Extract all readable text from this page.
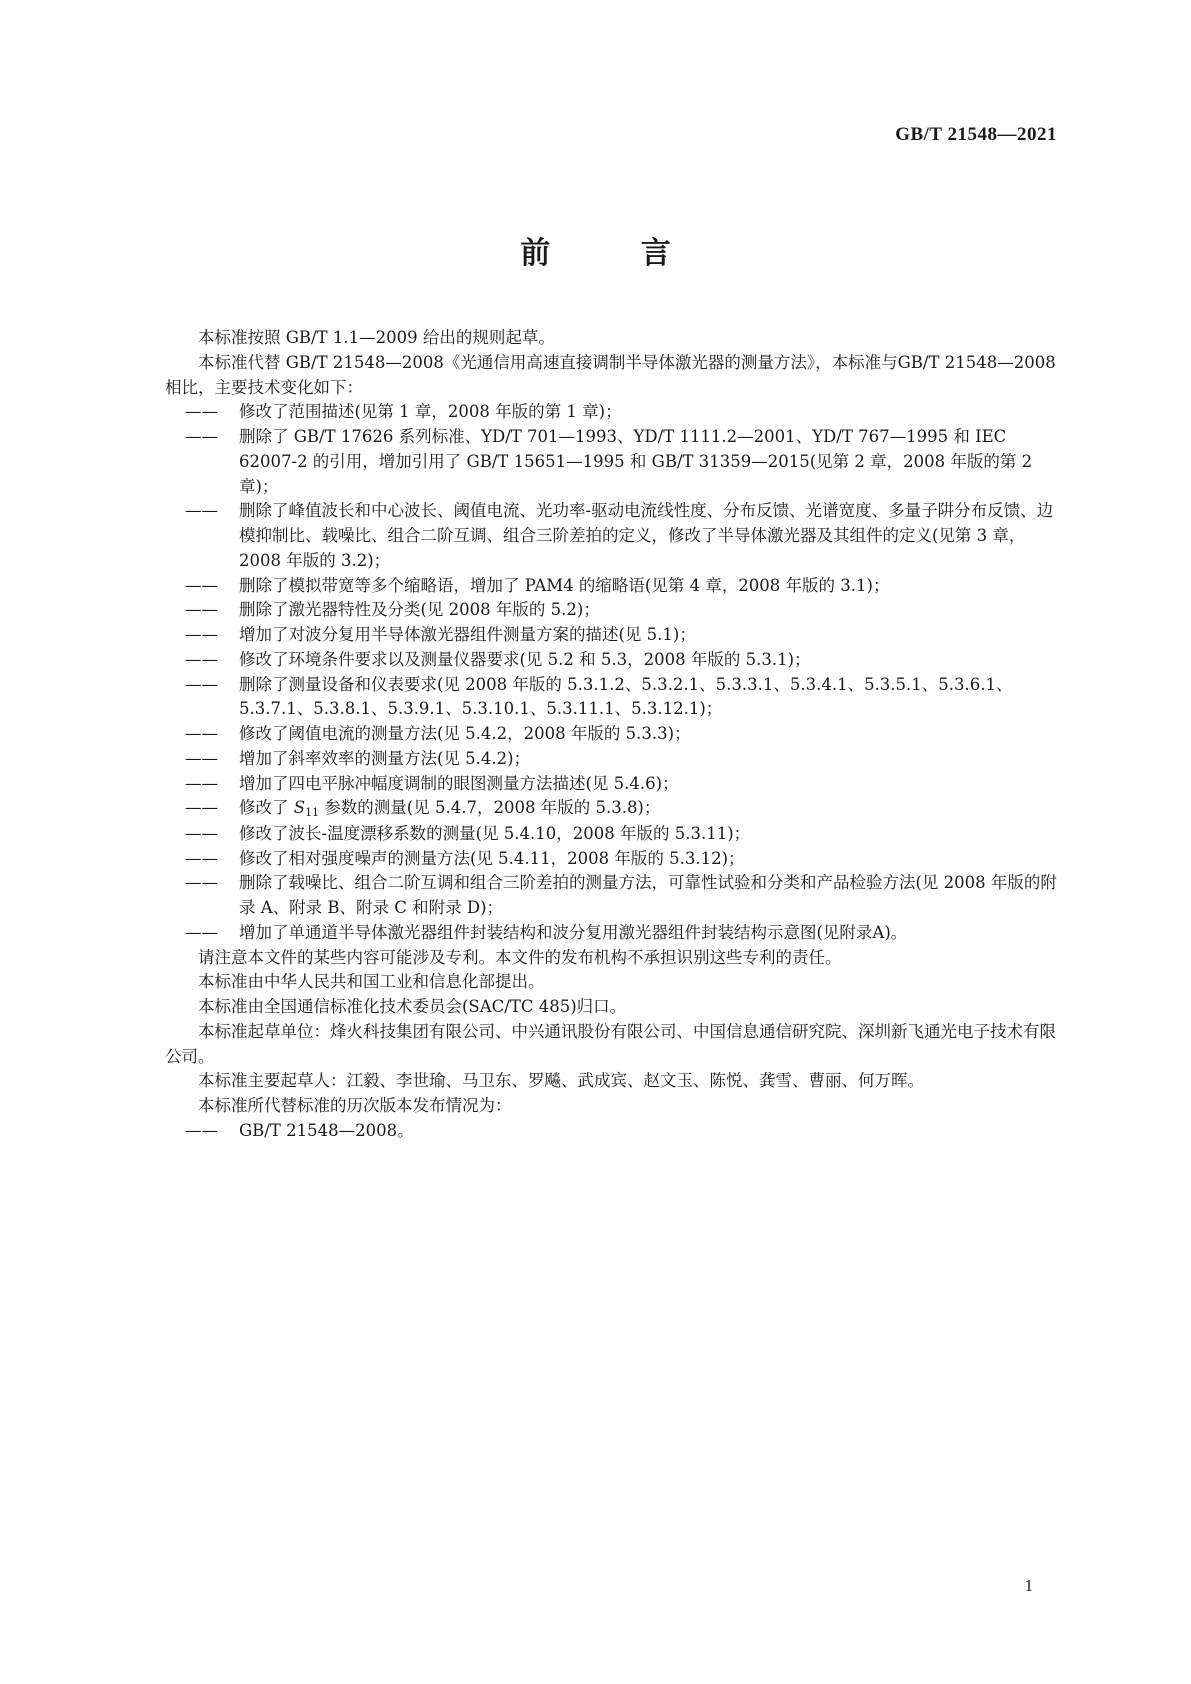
GB/T 21548—2021
前 言

本标准按照 GB/T 1.1—2009 给出的规则起草。

本标准代替 GB/T 21548—2008《光通信用高速直接调制半导体激光器的测量方法》，本标准与GB/T 21548—2008 相比，主要技术变化如下：

—— 修改了范围描述(见第 1 章，2008 年版的第 1 章)；

—— 删除了 GB/T 17626 系列标准、YD/T 701—1993、YD/T 1111.2—2001、YD/T 767—1995 和 IEC 62007-2 的引用，增加引用了 GB/T 15651—1995 和 GB/T 31359—2015(见第 2 章，2008 年版的第 2 章)；

—— 删除了峰值波长和中心波长、阈值电流、光功率-驱动电流线性度、分布反馈、光谱宽度、多量子阱分布反馈、边模抑制比、载噪比、组合二阶互调、组合三阶差拍的定义，修改了半导体激光器及其组件的定义(见第 3 章，2008 年版的 3.2)；

—— 删除了模拟带宽等多个缩略语，增加了 PAM4 的缩略语(见第 4 章，2008 年版的 3.1)；

—— 删除了激光器特性及分类(见 2008 年版的 5.2)；

—— 增加了对波分复用半导体激光器组件测量方案的描述(见 5.1)；

—— 修改了环境条件要求以及测量仪器要求(见 5.2 和 5.3，2008 年版的 5.3.1)；

—— 删除了测量设备和仪表要求(见 2008 年版的 5.3.1.2、5.3.2.1、5.3.3.1、5.3.4.1、5.3.5.1、5.3.6.1、5.3.7.1、5.3.8.1、5.3.9.1、5.3.10.1、5.3.11.1、5.3.12.1)；

—— 修改了阈值电流的测量方法(见 5.4.2，2008 年版的 5.3.3)；

—— 增加了斜率效率的测量方法(见 5.4.2)；

—— 增加了四电平脉冲幅度调制的眼图测量方法描述(见 5.4.6)；

—— 修改了 $S_{11}$ 参数的测量(见 5.4.7，2008 年版的 5.3.8)；

—— 修改了波长-温度漂移系数的测量(见 5.4.10，2008 年版的 5.3.11)；

—— 修改了相对强度噪声的测量方法(见 5.4.11，2008 年版的 5.3.12)；

—— 删除了载噪比、组合二阶互调和组合三阶差拍的测量方法，可靠性试验和分类和产品检验方法(见 2008 年版的附录 A、附录 B、附录 C 和附录 D)；

—— 增加了单通道半导体激光器组件封装结构和波分复用激光器组件封装结构示意图(见附录A)。

请注意本文件的某些内容可能涉及专利。本文件的发布机构不承担识别这些专利的责任。

本标准由中华人民共和国工业和信息化部提出。

本标准由全国通信标准化技术委员会(SAC/TC 485)归口。

本标准起草单位：烽火科技集团有限公司、中兴通讯股份有限公司、中国信息通信研究院、深圳新飞通光电子技术有限公司。

本标准主要起草人：江毅、李世瑜、马卫东、罗飚、武成宾、赵文玉、陈悦、龚雪、曹丽、何万晖。

本标准所代替标准的历次版本发布情况为：

—— GB/T 21548—2008。

1
